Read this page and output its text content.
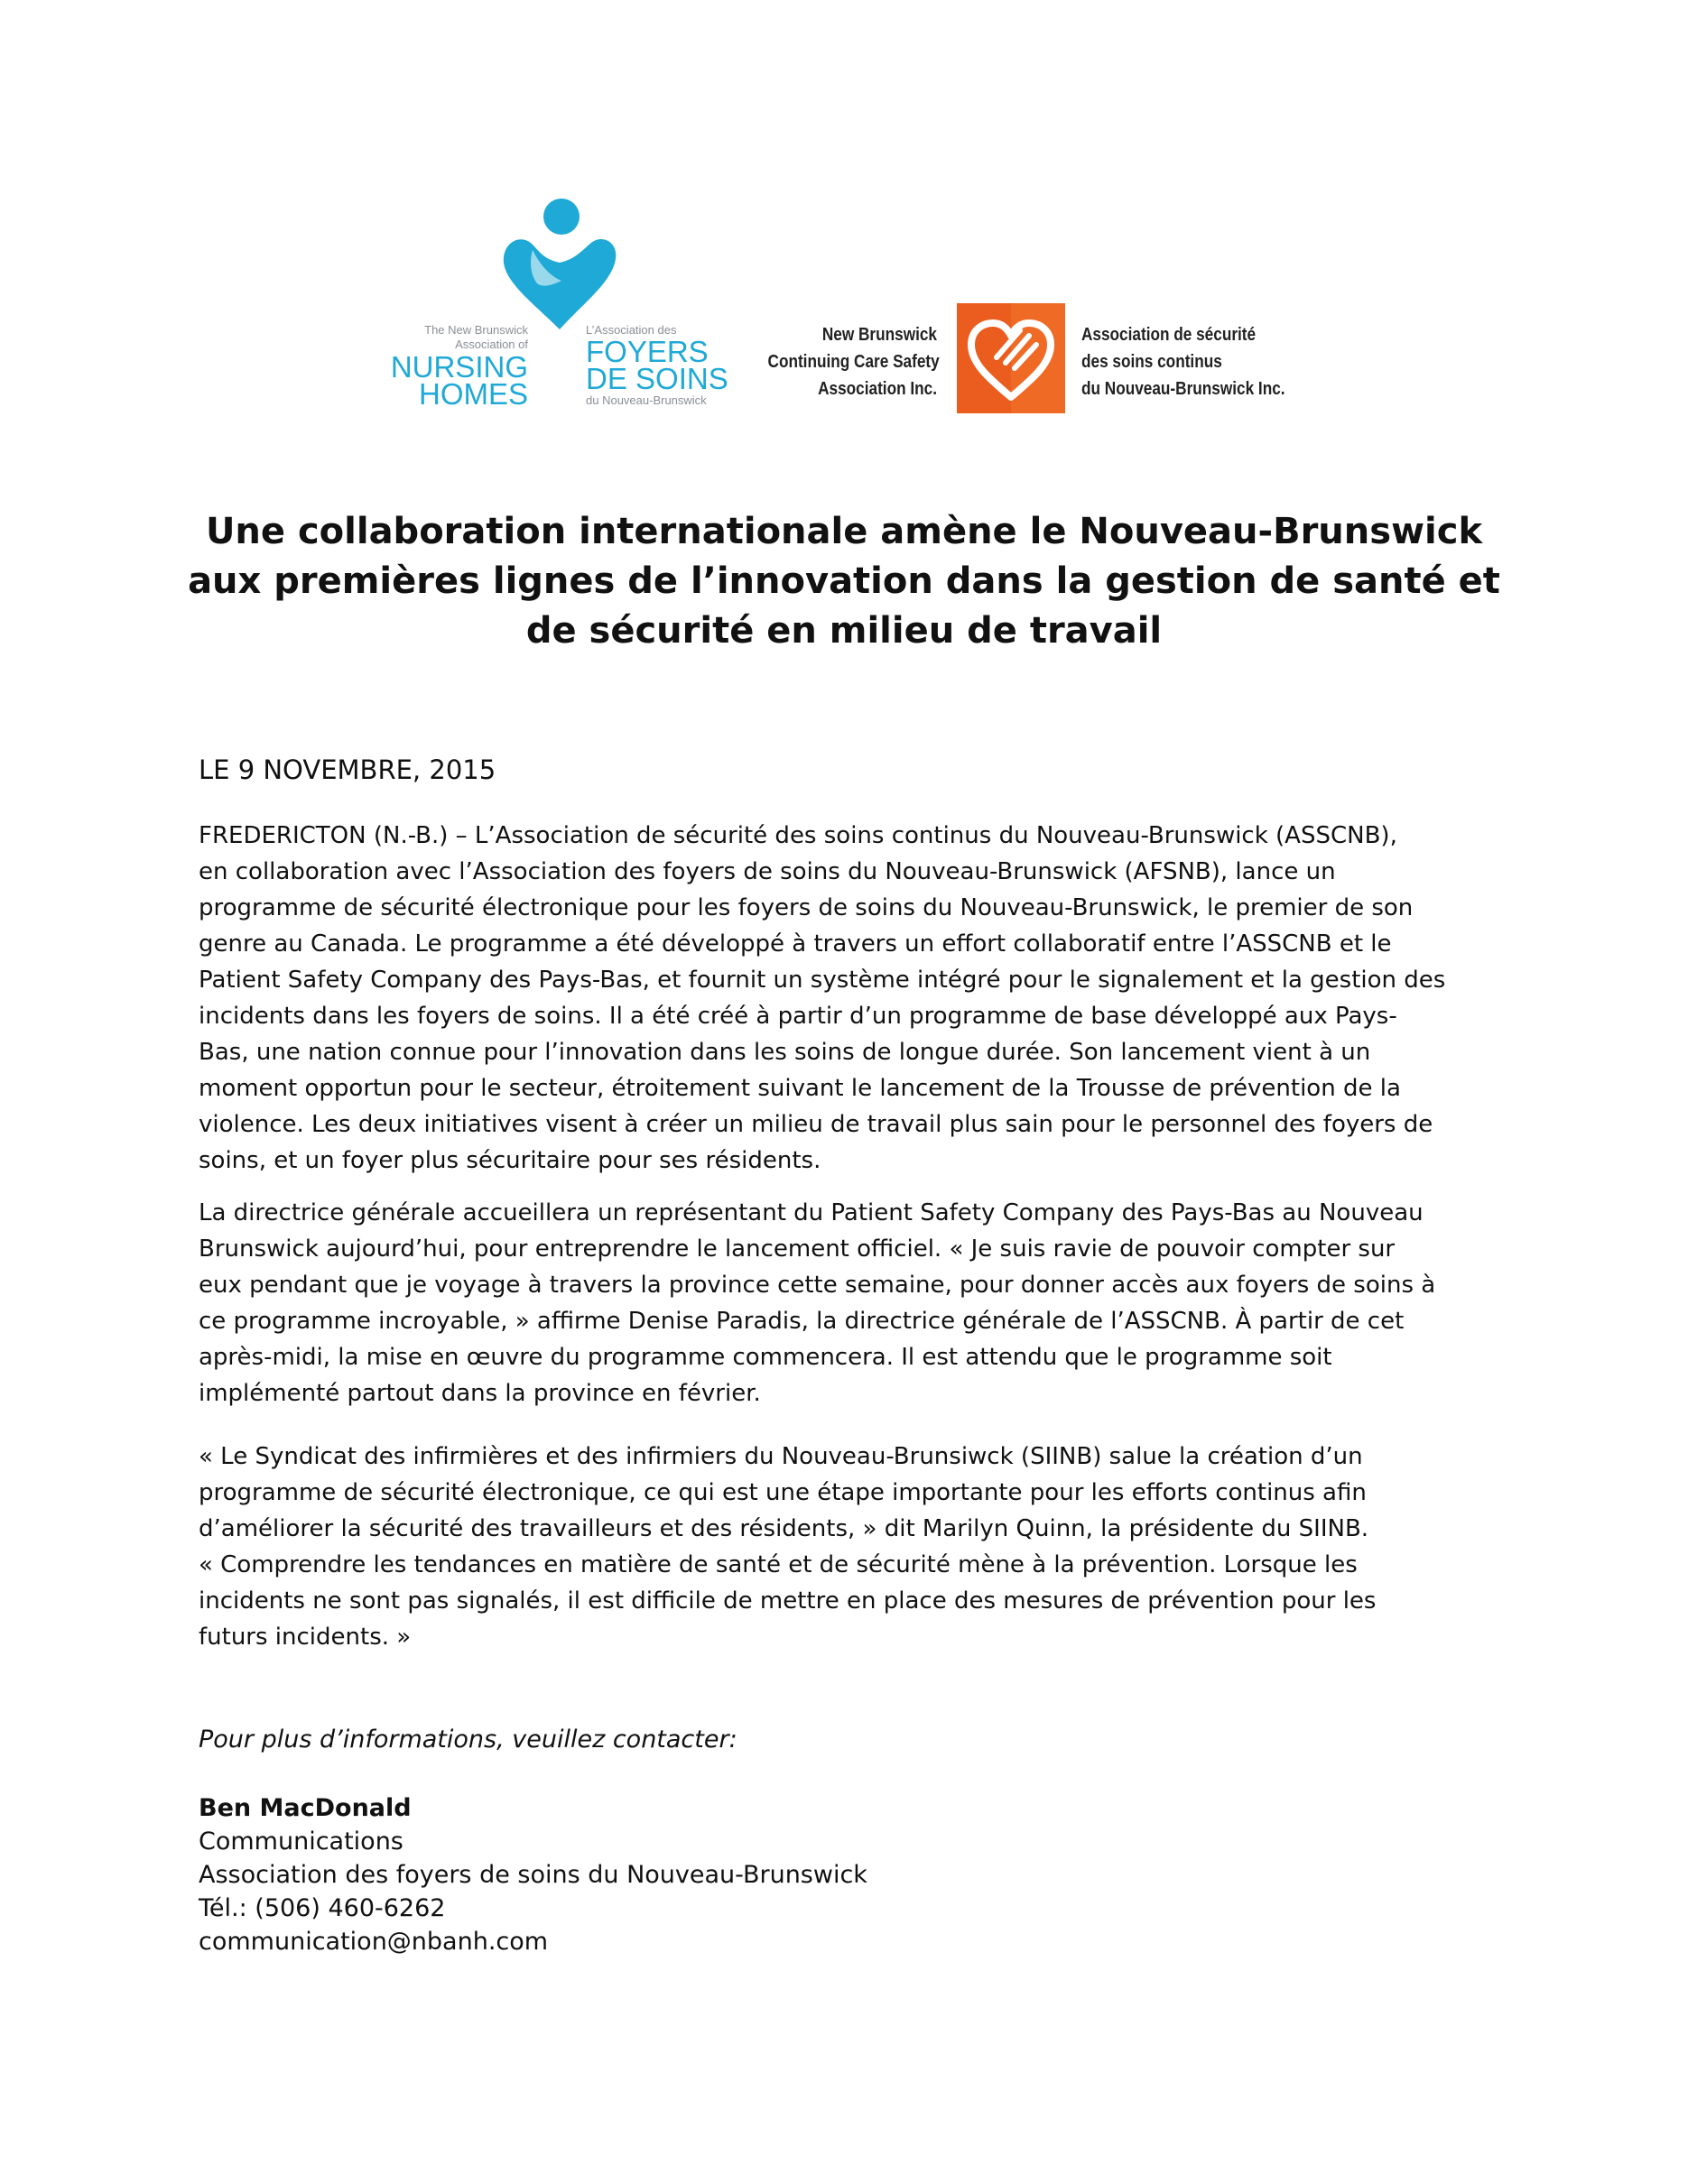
The New Brunswick
Association of
NURSING
HOMES
L’Association des
FOYERS
DE SOINS
du Nouveau-Brunswick
New Brunswick
Continuing Care Safety
Association Inc.
Association de sécurité
des soins continus
du Nouveau-Brunswick Inc.
Une collaboration internationale amène le Nouveau-Brunswick
aux premières lignes de l’innovation dans la gestion de santé et
de sécurité en milieu de travail
LE 9 NOVEMBRE, 2015
FREDERICTON (N.-B.) – L’Association de sécurité des soins continus du Nouveau-Brunswick (ASSCNB),
en collaboration avec l’Association des foyers de soins du Nouveau-Brunswick (AFSNB), lance un
programme de sécurité électronique pour les foyers de soins du Nouveau-Brunswick, le premier de son
genre au Canada. Le programme a été développé à travers un effort collaboratif entre l’ASSCNB et le
Patient Safety Company des Pays-Bas, et fournit un système intégré pour le signalement et la gestion des
incidents dans les foyers de soins. Il a été créé à partir d’un programme de base développé aux Pays-
Bas, une nation connue pour l’innovation dans les soins de longue durée. Son lancement vient à un
moment opportun pour le secteur, étroitement suivant le lancement de la Trousse de prévention de la
violence. Les deux initiatives visent à créer un milieu de travail plus sain pour le personnel des foyers de
soins, et un foyer plus sécuritaire pour ses résidents.
La directrice générale accueillera un représentant du Patient Safety Company des Pays-Bas au Nouveau
Brunswick aujourd’hui, pour entreprendre le lancement officiel. « Je suis ravie de pouvoir compter sur
eux pendant que je voyage à travers la province cette semaine, pour donner accès aux foyers de soins à
ce programme incroyable, » affirme Denise Paradis, la directrice générale de l’ASSCNB. À partir de cet
après-midi, la mise en œuvre du programme commencera. Il est attendu que le programme soit
implémenté partout dans la province en février.
« Le Syndicat des infirmières et des infirmiers du Nouveau-Brunsiwck (SIINB) salue la création d’un
programme de sécurité électronique, ce qui est une étape importante pour les efforts continus afin
d’améliorer la sécurité des travailleurs et des résidents, » dit Marilyn Quinn, la présidente du SIINB.
« Comprendre les tendances en matière de santé et de sécurité mène à la prévention. Lorsque les
incidents ne sont pas signalés, il est difficile de mettre en place des mesures de prévention pour les
futurs incidents. »
Pour plus d’informations, veuillez contacter:
Ben MacDonald
Communications
Association des foyers de soins du Nouveau-Brunswick
Tél.: (506) 460-6262
communication@nbanh.com
